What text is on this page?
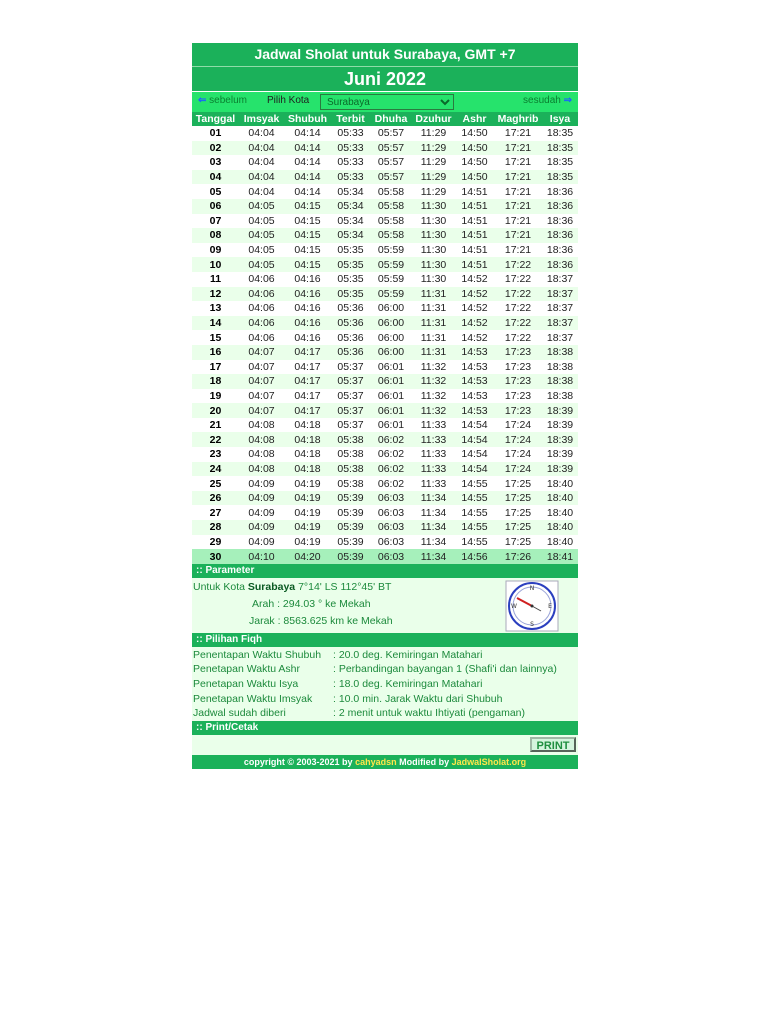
Jadwal Sholat untuk Surabaya, GMT +7
Juni 2022
⇐ sebelum Pilih Kota
Surabaya	sesudah ⇒
Tanggal	Imsyak	Shubuh	Terbit	Dhuha	Dzuhur	Ashr	Maghrib	Isya
01	04:04	04:14	05:33	05:57	11:29	14:50	17:21	18:35
02	04:04	04:14	05:33	05:57	11:29	14:50	17:21	18:35
03	04:04	04:14	05:33	05:57	11:29	14:50	17:21	18:35
04	04:04	04:14	05:33	05:57	11:29	14:50	17:21	18:35
05	04:04	04:14	05:34	05:58	11:29	14:51	17:21	18:36
06	04:05	04:15	05:34	05:58	11:30	14:51	17:21	18:36
07	04:05	04:15	05:34	05:58	11:30	14:51	17:21	18:36
08	04:05	04:15	05:34	05:58	11:30	14:51	17:21	18:36
09	04:05	04:15	05:35	05:59	11:30	14:51	17:21	18:36
10	04:05	04:15	05:35	05:59	11:30	14:51	17:22	18:36
11	04:06	04:16	05:35	05:59	11:30	14:52	17:22	18:37
12	04:06	04:16	05:35	05:59	11:31	14:52	17:22	18:37
13	04:06	04:16	05:36	06:00	11:31	14:52	17:22	18:37
14	04:06	04:16	05:36	06:00	11:31	14:52	17:22	18:37
15	04:06	04:16	05:36	06:00	11:31	14:52	17:22	18:37
16	04:07	04:17	05:36	06:00	11:31	14:53	17:23	18:38
17	04:07	04:17	05:37	06:01	11:32	14:53	17:23	18:38
18	04:07	04:17	05:37	06:01	11:32	14:53	17:23	18:38
19	04:07	04:17	05:37	06:01	11:32	14:53	17:23	18:38
20	04:07	04:17	05:37	06:01	11:32	14:53	17:23	18:39
21	04:08	04:18	05:37	06:01	11:33	14:54	17:24	18:39
22	04:08	04:18	05:38	06:02	11:33	14:54	17:24	18:39
23	04:08	04:18	05:38	06:02	11:33	14:54	17:24	18:39
24	04:08	04:18	05:38	06:02	11:33	14:54	17:24	18:39
25	04:09	04:19	05:38	06:02	11:33	14:55	17:25	18:40
26	04:09	04:19	05:39	06:03	11:34	14:55	17:25	18:40
27	04:09	04:19	05:39	06:03	11:34	14:55	17:25	18:40
28	04:09	04:19	05:39	06:03	11:34	14:55	17:25	18:40
29	04:09	04:19	05:39	06:03	11:34	14:55	17:25	18:40
30	04:10	04:20	05:39	06:03	11:34	14:56	17:26	18:41
:: Parameter
Untuk Kota Surabaya 7°14' LS 112°45' BT
Arah : 294.03 ° ke Mekah
Jarak : 8563.625 km ke Mekah
N
S
W	E
:: Pilihan Fiqh
Penentapan Waktu Shubuh : 20.0 deg. Kemiringan Matahari
Penetapan Waktu Ashr	: Perbandingan bayangan 1 (Shafi'i dan lainnya)
Penetapan Waktu Isya	: 18.0 deg. Kemiringan Matahari
Penetapan Waktu Imsyak : 10.0 min. Jarak Waktu dari Shubuh
Jadwal sudah diberi	: 2 menit untuk waktu Ihtiyati (pengaman)
:: Print/Cetak
PRINT
copyright © 2003-2021 by cahyadsn Modified by JadwalSholat.org
